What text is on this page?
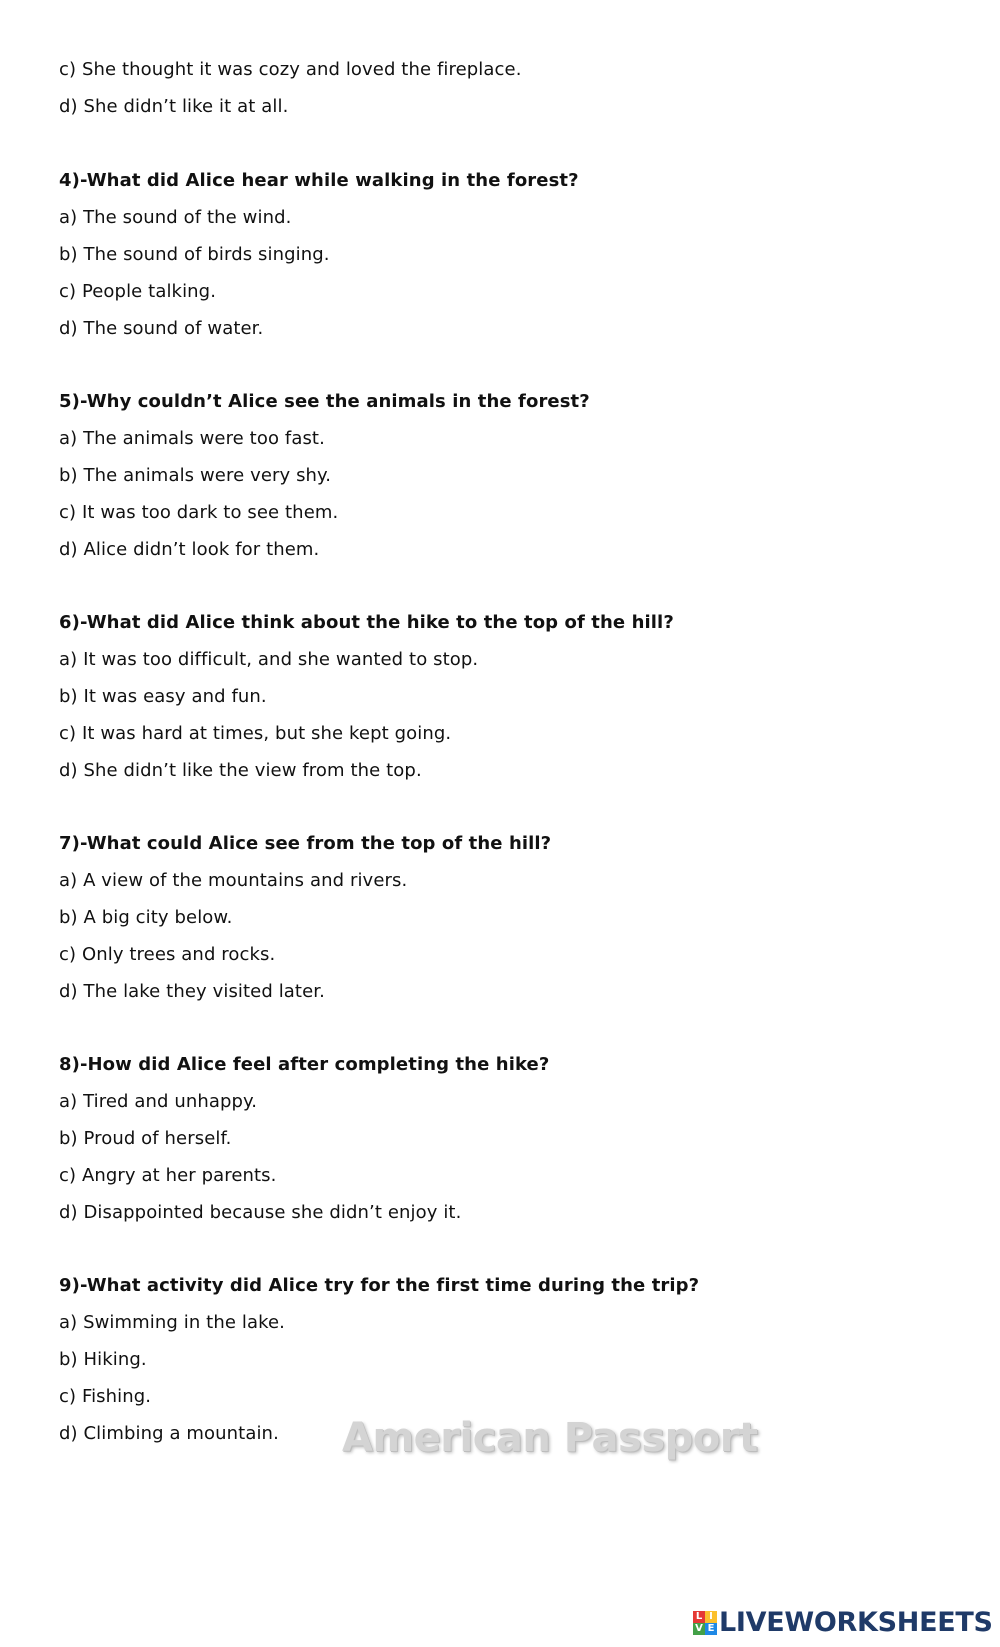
c) She thought it was cozy and loved the fireplace.
d) She didn’t like it at all.
4)-What did Alice hear while walking in the forest?
a) The sound of the wind.
b) The sound of birds singing.
c) People talking.
d) The sound of water.
5)-Why couldn’t Alice see the animals in the forest?
a) The animals were too fast.
b) The animals were very shy.
c) It was too dark to see them.
d) Alice didn’t look for them.
6)-What did Alice think about the hike to the top of the hill?
a) It was too difficult, and she wanted to stop.
b) It was easy and fun.
c) It was hard at times, but she kept going.
d) She didn’t like the view from the top.
7)-What could Alice see from the top of the hill?
a) A view of the mountains and rivers.
b) A big city below.
c) Only trees and rocks.
d) The lake they visited later.
8)-How did Alice feel after completing the hike?
a) Tired and unhappy.
b) Proud of herself.
c) Angry at her parents.
d) Disappointed because she didn’t enjoy it.
9)-What activity did Alice try for the first time during the trip?
a) Swimming in the lake.
b) Hiking.
c) Fishing.
d) Climbing a mountain. American Passport
L I
V E LIVEWORKSHEETS
